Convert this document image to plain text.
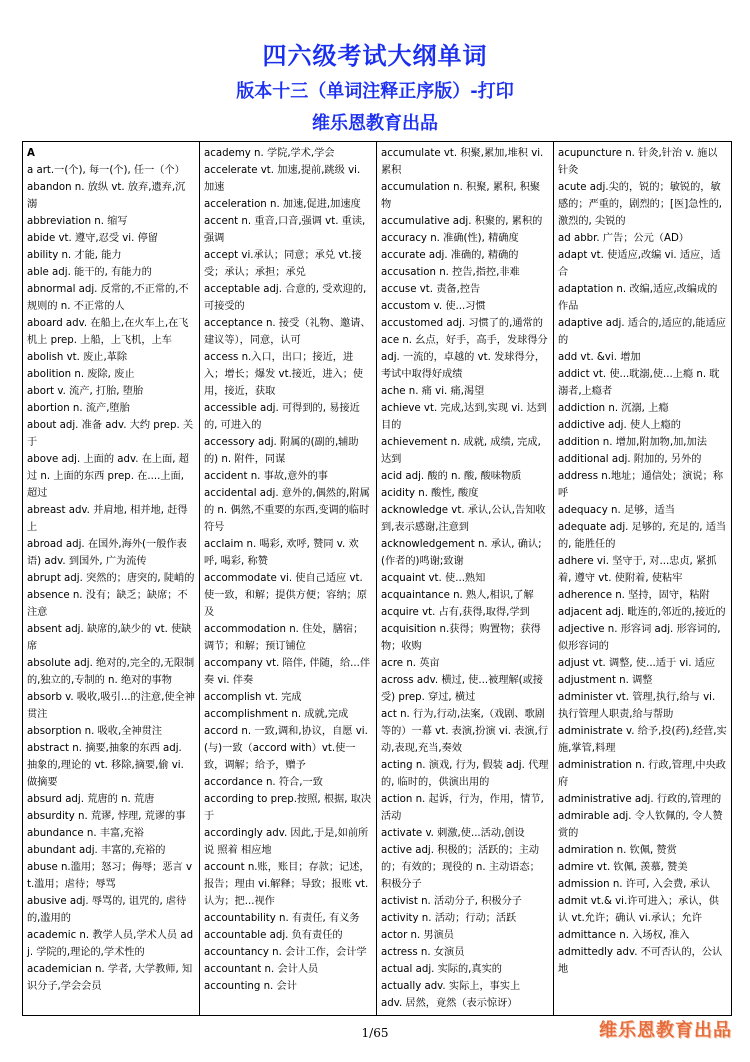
四六级考试大纲单词
版本十三（单词注释正序版）-打印
维乐恩教育出品
A
a art.一(个), 每一(个), 任一（个）
abandon n. 放纵 vt. 放弃,遗弃,沉溺
abbreviation n. 缩写
abide vt. 遵守,忍受 vi. 停留
ability n. 才能, 能力
able adj. 能干的, 有能力的
abnormal adj. 反常的,不正常的,不规则的 n. 不正常的人
aboard adv. 在船上,在火车上,在飞机上 prep. 上船，上飞机，上车
abolish vt. 废止,革除
abolition n. 废除, 废止
abort v. 流产, 打胎, 堕胎
abortion n. 流产,堕胎
about adj. 准备 adv. 大约 prep. 关于
above adj. 上面的 adv. 在上面, 超过 n. 上面的东西 prep. 在....上面, 超过
abreast adv. 并肩地, 相并地, 赶得上
abroad adj. 在国外,海外(一般作表语) adv. 到国外, 广为流传
abrupt adj. 突然的；唐突的, 陡峭的
absence n. 没有；缺乏；缺席；不注意
absent adj. 缺席的,缺少的 vt. 使缺席
absolute adj. 绝对的,完全的,无限制的,独立的,专制的 n. 绝对的事物
absorb v. 吸收,吸引...的注意,使全神贯注
absorption n. 吸收,全神贯注
abstract n. 摘要,抽象的东西 adj. 抽象的,理论的 vt. 移除,摘要,偷 vi. 做摘要
absurd adj. 荒唐的 n. 荒唐
absurdity n. 荒谬, 悖理, 荒谬的事
abundance n. 丰富,充裕
abundant adj. 丰富的,充裕的
abuse n.滥用；怒习；侮辱；恶言 vt.滥用；虐待；辱骂
abusive adj. 辱骂的, 诅咒的, 虐待的,滥用的
academic n. 教学人员,学术人员 adj. 学院的,理论的,学术性的
academician n. 学者, 大学教师, 知识分子,学会会员
academy n. 学院,学术,学会
accelerate vt. 加速,提前,跳级 vi. 加速
acceleration n. 加速,促进,加速度
accent n. 重音,口音,强调 vt. 重读,强调
accept vi.承认；同意；承兑 vt.接受；承认；承担；承兑
acceptable adj. 合意的, 受欢迎的,可接受的
acceptance n. 接受（礼物、邀请、建议等），同意，认可
access n.入口，出口；接近，进入；增长；爆发 vt.接近，进入；使用，接近，获取
accessible adj. 可得到的, 易接近的, 可进入的
accessory adj. 附属的(副的,辅助的) n. 附件，同谋
accident n. 事故,意外的事
accidental adj. 意外的,偶然的,附属的 n. 偶然,不重要的东西,变调的临时符号
acclaim n. 喝彩, 欢呼, 赞同 v. 欢呼, 喝彩, 称赞
accommodate vi. 使自己适应 vt. 使一致，和解；提供方便；容纳；原及
accommodation n. 住处，膳宿；调节；和解；预订铺位
accompany vt. 陪伴, 伴随，给...伴奏 vi. 伴奏
accomplish vt. 完成
accomplishment n. 成就,完成
accord n. 一致,调和,协议，自愿 vi. (与)一致（accord with）vt.使一致，调解；给予，赠予
accordance n. 符合,一致
according to prep.按照, 根据, 取决于
accordingly adv. 因此,于是,如前所说 照着 相应地
account n.账，账目；存款；记述，报告；理由 vi.解释；导致；报账 vt.认为；把...视作
accountability n. 有责任, 有义务
accountable adj. 负有责任的
accountancy n. 会计工作，会计学
accountant n. 会计人员
accounting n. 会计
accumulate vt. 积聚,累加,堆积 vi. 累积
accumulation n. 积聚, 累积, 积聚物
accumulative adj. 积聚的, 累积的
accuracy n. 准确(性), 精确度
accurate adj. 准确的, 精确的
accusation n. 控告,指控,非难
accuse vt. 责备,控告
accustom v. 使...习惯
accustomed adj. 习惯了的,通常的
ace n. 幺点，好手，高手，发球得分 adj. 一流的，卓越的 vt. 发球得分，考试中取得好成绩
ache n. 痛 vi. 痛,渴望
achieve vt. 完成,达到,实现 vi. 达到目的
achievement n. 成就, 成绩, 完成, 达到
acid adj. 酸的 n. 酸, 酸味物质
acidity n. 酸性, 酸度
acknowledge vt. 承认,公认,告知收到,表示感谢,注意到
acknowledgement n. 承认, 确认;(作者的)鸣谢;致谢
acquaint vt. 使...熟知
acquaintance n. 熟人,相识,了解
acquire vt. 占有,获得,取得,学到
acquisition n.获得；购置物；获得物；收购
acre n. 英亩
across adv. 横过, 使...被理解(或接受) prep. 穿过, 横过
act n. 行为,行动,法案,（戏剧、歌剧等的）一幕 vt. 表演,扮演 vi. 表演,行动,表现,充当,奏效
acting n. 演戏, 行为, 假装 adj. 代理的, 临时的，供演出用的
action n. 起诉，行为，作用，情节,活动
activate v. 刺激,使...活动,创设
active adj. 积极的；活跃的；主动的；有效的；现役的 n. 主动语态；积极分子
activist n. 活动分子, 积极分子
activity n. 活动；行动；活跃
actor n. 男演员
actress n. 女演员
actual adj. 实际的,真实的
actually adv. 实际上，事实上
adv. 居然，竟然（表示惊讶）
acupuncture n. 针灸,针治 v. 施以针灸
acute adj.尖的，锐的；敏锐的，敏感的；严重的，剧烈的；[医]急性的, 激烈的, 尖锐的
ad abbr. 广告；公元（AD）
adapt vt. 使适应,改编 vi. 适应，适合
adaptation n. 改编,适应,改编成的作品
adaptive adj. 适合的,适应的,能适应的
add vt. &vi. 增加
addict vt. 使...耽溺,使...上瘾 n. 耽溺者,上瘾者
addiction n. 沉溺, 上瘾
addictive adj. 使人上瘾的
addition n. 增加,附加物,加,加法
additional adj. 附加的, 另外的
address n.地址；通信处；演说；称呼
adequacy n. 足够，适当
adequate adj. 足够的, 充足的, 适当的, 能胜任的
adhere vi. 坚守于, 对...忠贞, 紧抓着, 遵守 vt. 使附着, 使粘牢
adherence n. 坚持，固守，粘附
adjacent adj. 毗连的,邻近的,接近的
adjective n. 形容词 adj. 形容词的,似形容词的
adjust vt. 调整, 使...适于 vi. 适应
adjustment n. 调整
administer vt. 管理,执行,给与 vi. 执行管理人职责,给与帮助
administrate v. 给予,投(药),经营,实施,掌管,料理
administration n. 行政,管理,中央政府
administrative adj. 行政的,管理的
admirable adj. 令人钦佩的, 令人赞赏的
admiration n. 钦佩, 赞赏
admire vt. 钦佩, 羡慕, 赞美
admission n. 许可, 入会费, 承认
admit vt.& vi.许可进入；承认，供认 vt.允许；确认 vi.承认；允许
admittance n. 入场权, 准入
admittedly adv. 不可否认的，公认地
1/65	维乐恩教育出品
